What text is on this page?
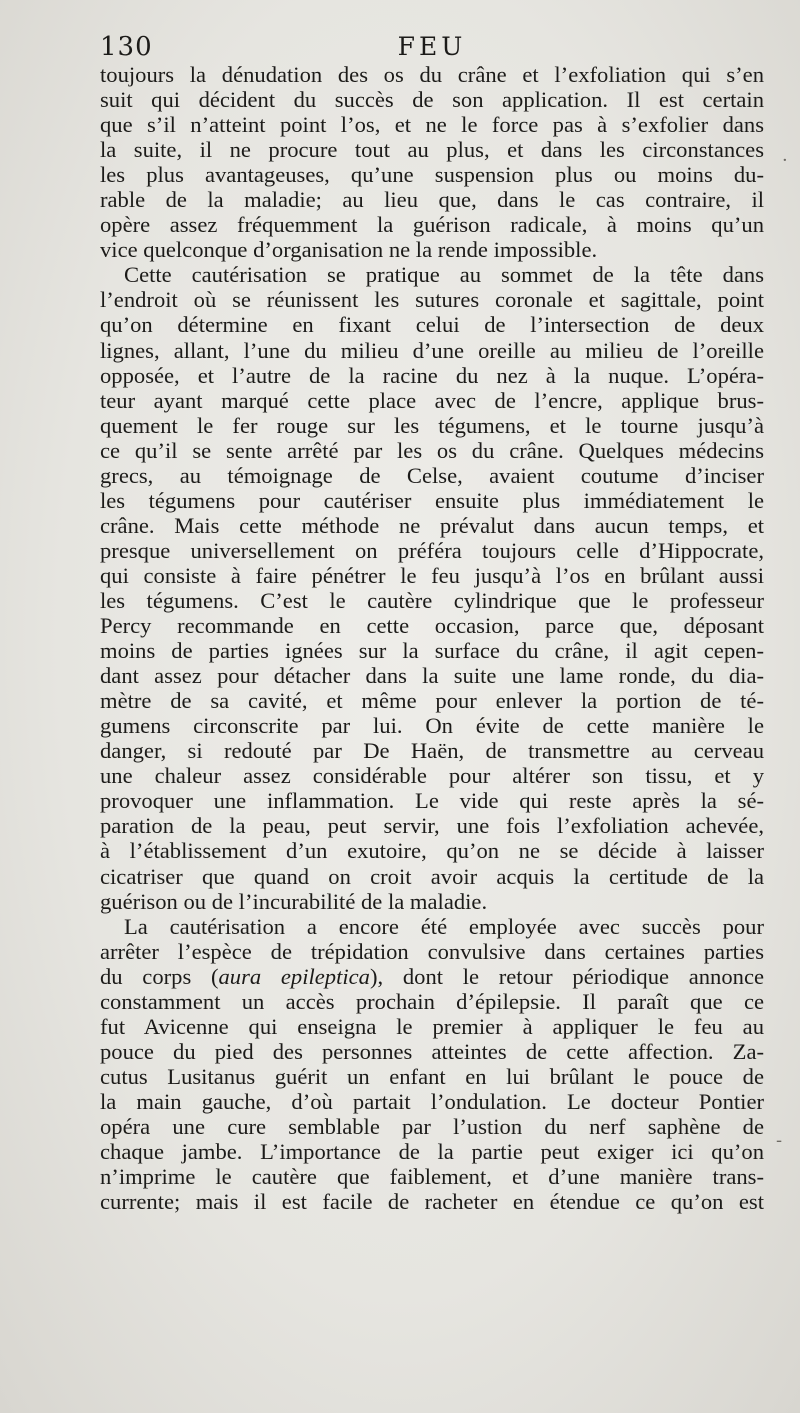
130	FEU
toujours la dénudation des os du crâne et l’exfoliation qui s’en
suit qui décident du succès de son application. Il est certain
que s’il n’atteint point l’os, et ne le force pas à s’exfolier dans
la suite, il ne procure tout au plus, et dans les circonstances
les plus avantageuses, qu’une suspension plus ou moins du-
rable de la maladie; au lieu que, dans le cas contraire, il
opère assez fréquemment la guérison radicale, à moins qu’un
vice quelconque d’organisation ne la rende impossible.
Cette cautérisation se pratique au sommet de la tête dans
l’endroit où se réunissent les sutures coronale et sagittale, point
qu’on détermine en fixant celui de l’intersection de deux
lignes, allant, l’une du milieu d’une oreille au milieu de l’oreille
opposée, et l’autre de la racine du nez à la nuque. L’opéra-
teur ayant marqué cette place avec de l’encre, applique brus-
quement le fer rouge sur les tégumens, et le tourne jusqu’à
ce qu’il se sente arrêté par les os du crâne. Quelques médecins
grecs, au témoignage de Celse, avaient coutume d’inciser
les tégumens pour cautériser ensuite plus immédiatement le
crâne. Mais cette méthode ne prévalut dans aucun temps, et
presque universellement on préféra toujours celle d’Hippocrate,
qui consiste à faire pénétrer le feu jusqu’à l’os en brûlant aussi
les tégumens. C’est le cautère cylindrique que le professeur
Percy recommande en cette occasion, parce que, déposant
moins de parties ignées sur la surface du crâne, il agit cepen-
dant assez pour détacher dans la suite une lame ronde, du dia-
mètre de sa cavité, et même pour enlever la portion de té-
gumens circonscrite par lui. On évite de cette manière le
danger, si redouté par De Haën, de transmettre au cerveau
une chaleur assez considérable pour altérer son tissu, et y
provoquer une inflammation. Le vide qui reste après la sé-
paration de la peau, peut servir, une fois l’exfoliation achevée,
à l’établissement d’un exutoire, qu’on ne se décide à laisser
cicatriser que quand on croit avoir acquis la certitude de la
guérison ou de l’incurabilité de la maladie.
La cautérisation a encore été employée avec succès pour
arrêter l’espèce de trépidation convulsive dans certaines parties
du corps (aura epileptica), dont le retour périodique annonce
constamment un accès prochain d’épilepsie. Il paraît que ce
fut Avicenne qui enseigna le premier à appliquer le feu au
pouce du pied des personnes atteintes de cette affection. Za-
cutus Lusitanus guérit un enfant en lui brûlant le pouce de
la main gauche, d’où partait l’ondulation. Le docteur Pontier
opéra une cure semblable par l’ustion du nerf saphène de
chaque jambe. L’importance de la partie peut exiger ici qu’on
n’imprime le cautère que faiblement, et d’une manière trans-
currente; mais il est facile de racheter en étendue ce qu’on est
·
-
